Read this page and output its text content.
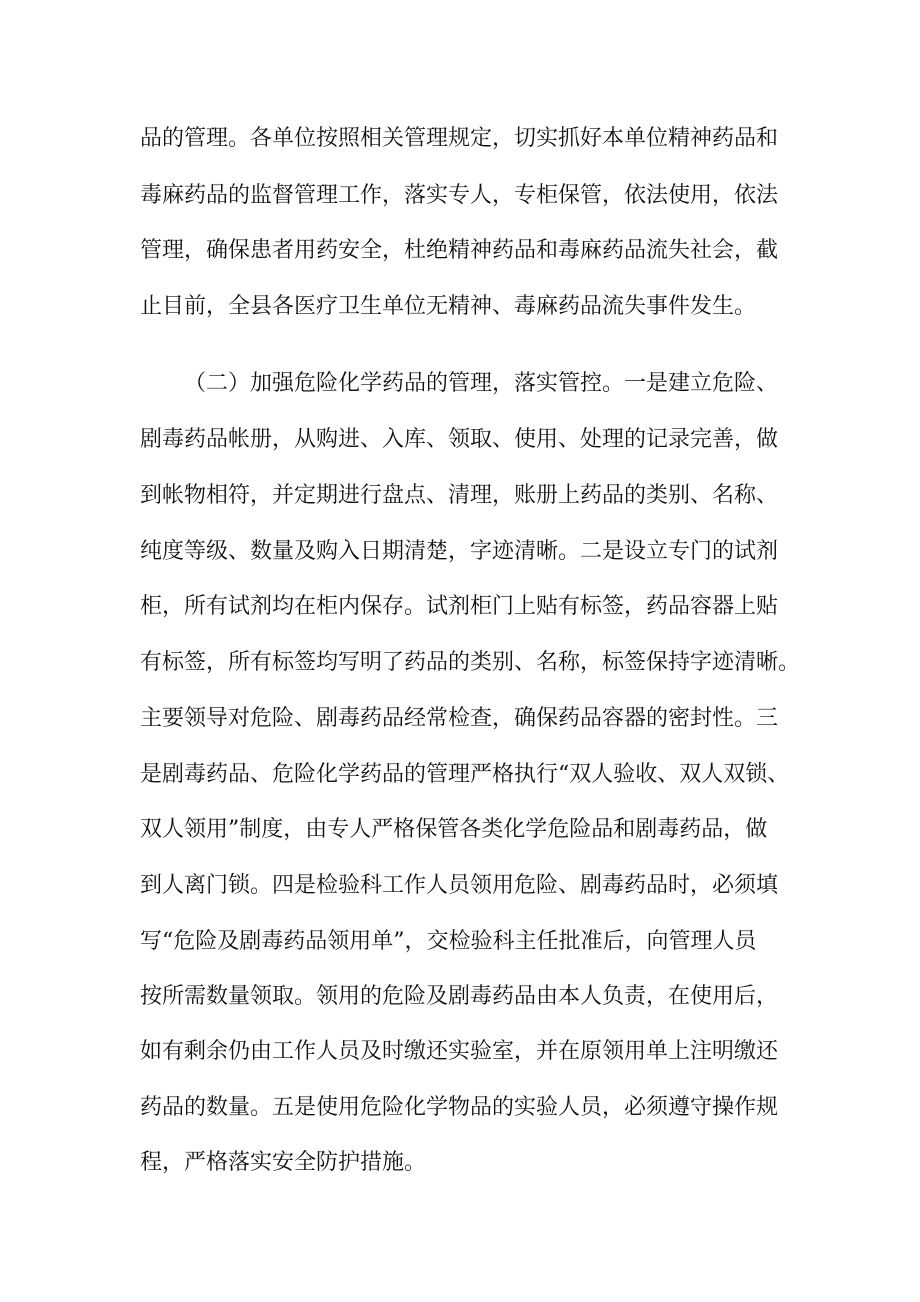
品的管理。各单位按照相关管理规定，切实抓好本单位精神药品和
毒麻药品的监督管理工作，落实专人，专柜保管，依法使用，依法
管理，确保患者用药安全，杜绝精神药品和毒麻药品流失社会，截
止目前，全县各医疗卫生单位无精神、毒麻药品流失事件发生。
（二）加强危险化学药品的管理，落实管控。一是建立危险、
剧毒药品帐册，从购进、入库、领取、使用、处理的记录完善，做
到帐物相符，并定期进行盘点、清理，账册上药品的类别、名称、
纯度等级、数量及购入日期清楚，字迹清晰。二是设立专门的试剂
柜，所有试剂均在柜内保存。试剂柜门上贴有标签，药品容器上贴
有标签，所有标签均写明了药品的类别、名称，标签保持字迹清晰。
主要领导对危险、剧毒药品经常检查，确保药品容器的密封性。三
是剧毒药品、危险化学药品的管理严格执行“双人验收、双人双锁、
双人领用”制度，由专人严格保管各类化学危险品和剧毒药品，做
到人离门锁。四是检验科工作人员领用危险、剧毒药品时，必须填
写“危险及剧毒药品领用单”，交检验科主任批准后，向管理人员
按所需数量领取。领用的危险及剧毒药品由本人负责，在使用后，
如有剩余仍由工作人员及时缴还实验室，并在原领用单上注明缴还
药品的数量。五是使用危险化学物品的实验人员，必须遵守操作规
程，严格落实安全防护措施。
